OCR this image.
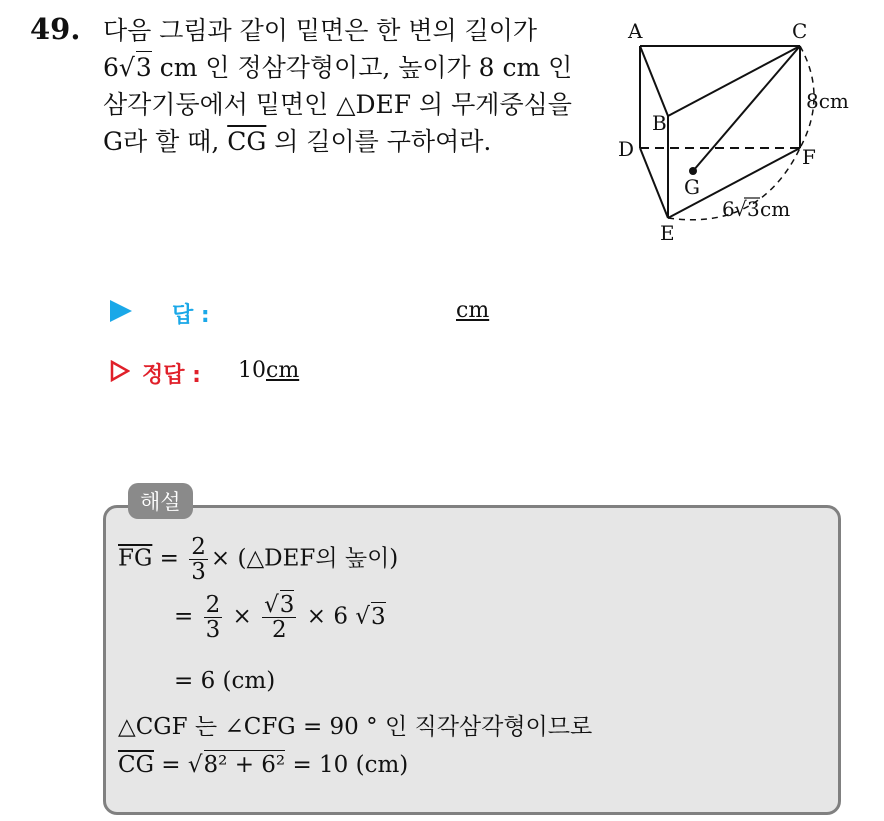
49. 다음 그림과 같이 밑면은 한 변의 길이가
6√3 cm 인 정삼각형이고, 높이가 8 cm 인
삼각기둥에서 밑면인 △DEF 의 무게중심을
G라 할 때, $\overline{CG}$ 의 길이를 구하여라.
A	C
B
D	F
G
E
8cm
6 √ 3 cm
답 :	cm
정답 : 10cm
해설
$\overline{FG} = \frac{2}{3}$ × (△DEF의 높이)
= $\frac{2}{3} \times \frac{√3}{2} \times 6$ √3
= 6 (cm)
△CGF 는 ∠CFG = 90 ° 인 직각삼각형이므로
$\overline{CG} = √8^2 + 6^2 = 10$ (cm)
